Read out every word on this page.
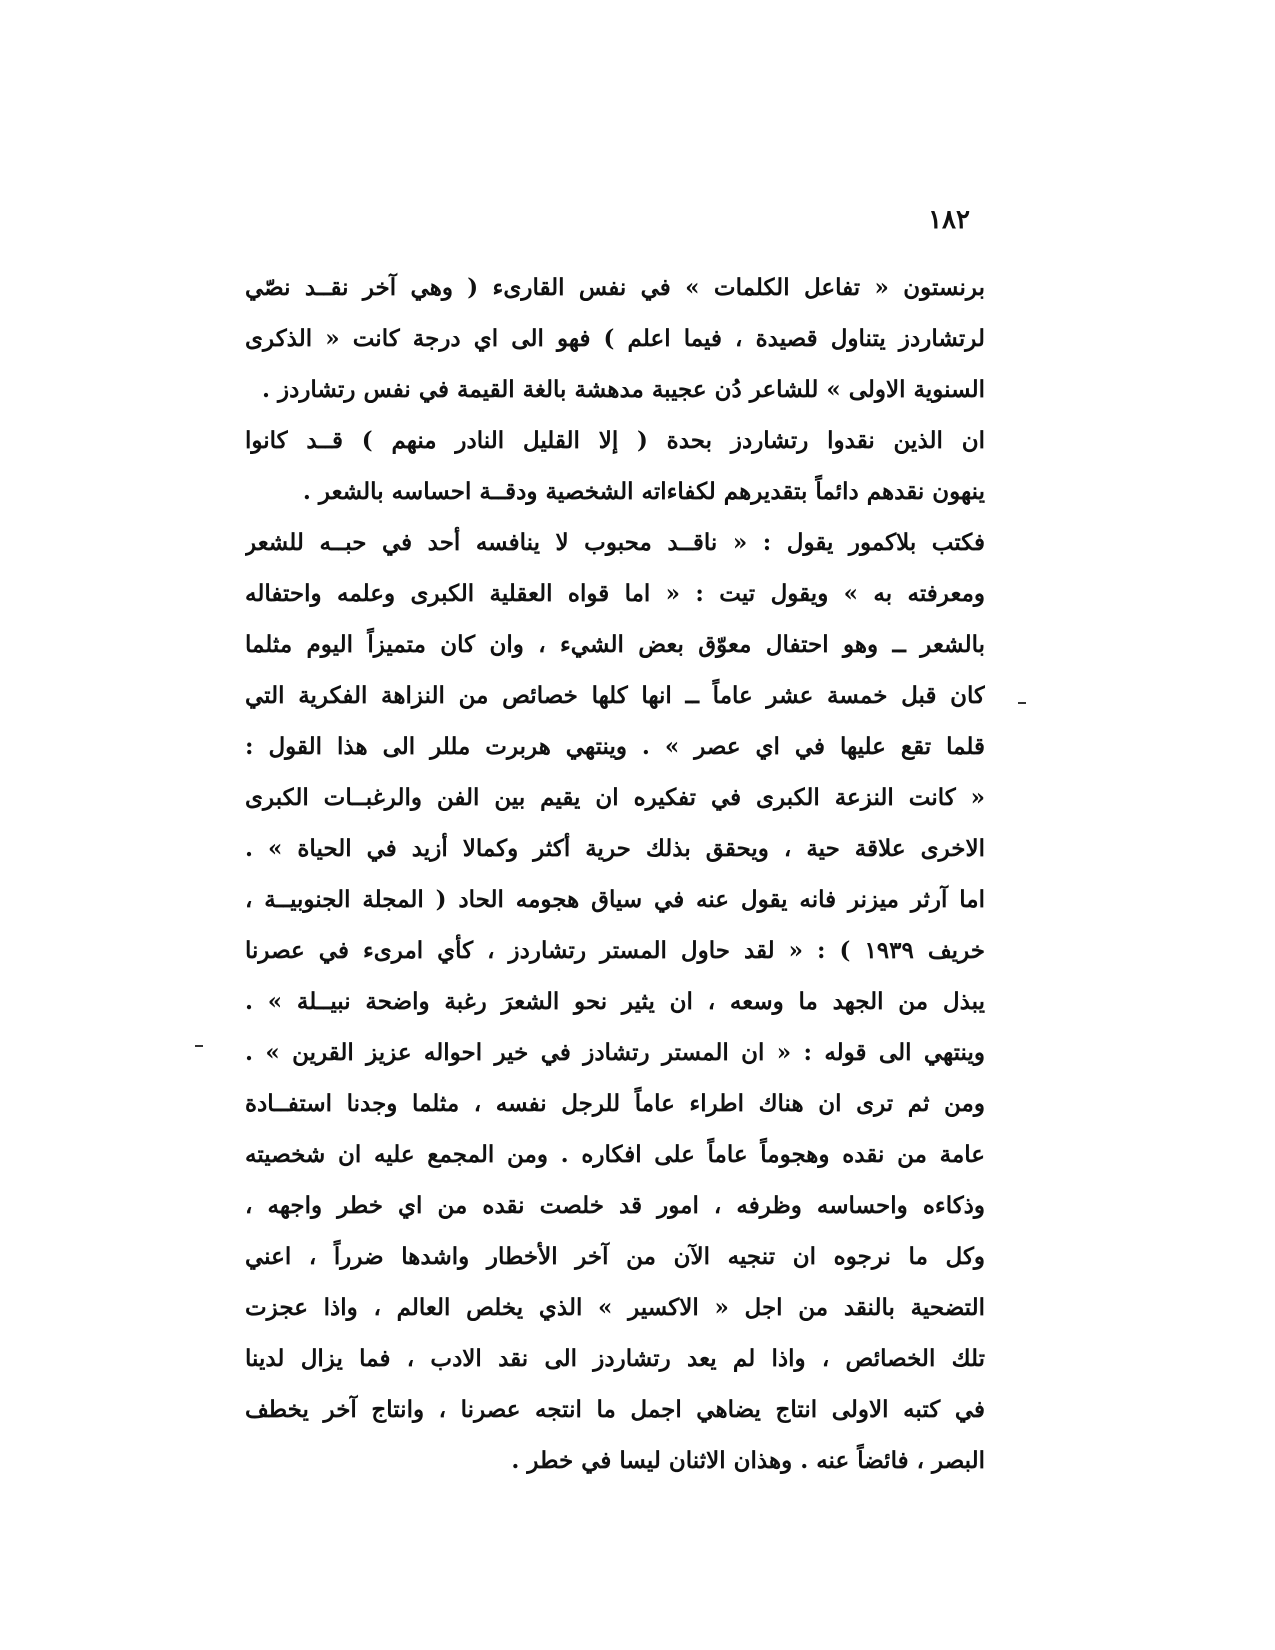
١٨٢
برنستون « تفاعل الكلمات » في نفس القارىء ( وهي آخر نقــد نصّي
لرتشاردز يتناول قصيدة ، فيما اعلم ) فهو الى اي درجة كانت « الذكرى
السنوية الاولى » للشاعر دُن عجيبة مدهشة بالغة القيمة في نفس رتشاردز .
ان الذين نقدوا رتشاردز بحدة ( إلا القليل النادر منهم ) قــد كانوا
ينهون نقدهم دائماً بتقديرهم لكفاءاته الشخصية ودقــة احساسه بالشعر .
فكتب بلاكمور يقول : « ناقــد محبوب لا ينافسه أحد في حبــه للشعر
ومعرفته به » ويقول تيت : « اما قواه العقلية الكبرى وعلمه واحتفاله
بالشعر ــ وهو احتفال معوّق بعض الشيء ، وان كان متميزاً اليوم مثلما
كان قبل خمسة عشر عاماً ــ انها كلها خصائص من النزاهة الفكرية التي
قلما تقع عليها في اي عصر » . وينتهي هربرت مللر الى هذا القول :
« كانت النزعة الكبرى في تفكيره ان يقيم بين الفن والرغبــات الكبرى
الاخرى علاقة حية ، ويحقق بذلك حرية أكثر وكمالا أزيد في الحياة » .
اما آرثر ميزنر فانه يقول عنه في سياق هجومه الحاد ( المجلة الجنوبيــة ،
خريف ١٩٣٩ ) : « لقد حاول المستر رتشاردز ، كأي امرىء في عصرنا
يبذل من الجهد ما وسعه ، ان يثير نحو الشعرَ رغبة واضحة نبيــلة » .
وينتهي الى قوله : « ان المستر رتشادز في خير احواله عزيز القرين » .
ومن ثم ترى ان هناك اطراء عاماً للرجل نفسه ، مثلما وجدنا استفــادة
عامة من نقده وهجوماً عاماً على افكاره . ومن المجمع عليه ان شخصيته
وذكاءه واحساسه وظرفه ، امور قد خلصت نقده من اي خطر واجهه ،
وكل ما نرجوه ان تنجيه الآن من آخر الأخطار واشدها ضرراً ، اعني
التضحية بالنقد من اجل « الاكسير » الذي يخلص العالم ، واذا عجزت
تلك الخصائص ، واذا لم يعد رتشاردز الى نقد الادب ، فما يزال لدينا
في كتبه الاولى انتاج يضاهي اجمل ما انتجه عصرنا ، وانتاج آخر يخطف
البصر ، فائضاً عنه . وهذان الاثنان ليسا في خطر .
